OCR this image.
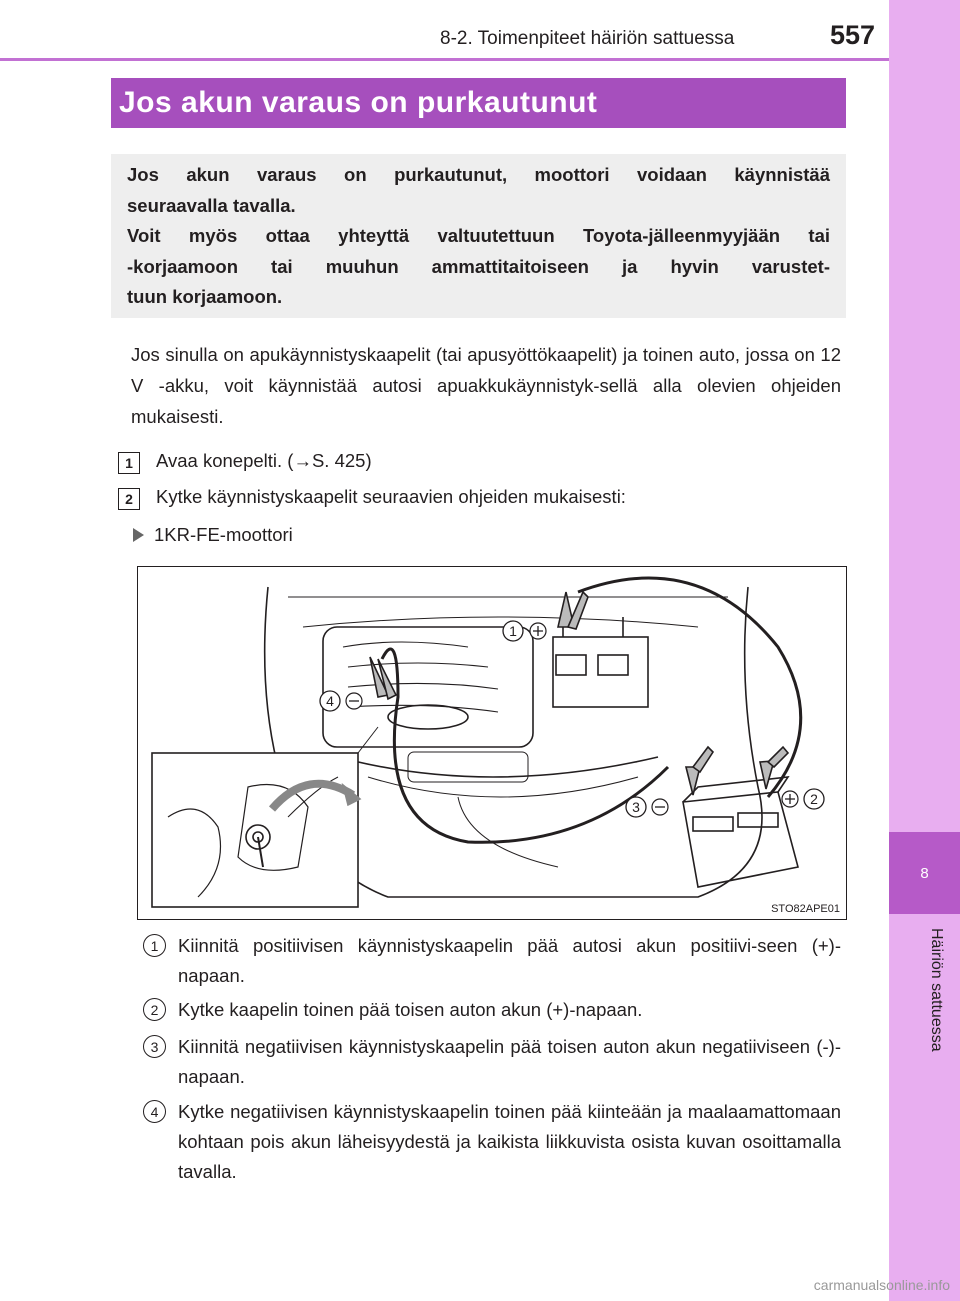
8
Häiriön sattuessa
8-2. Toimenpiteet häiriön sattuessa	557
Jos akun varaus on purkautunut

Jos akun varaus on purkautunut, moottori voidaan käynnistää

seuraavalla tavalla.

Voit myös ottaa yhteyttä valtuutettuun Toyota-jälleenmyyjään tai

-korjaamoon tai muuhun ammattitaitoiseen ja hyvin varustet-

tuun korjaamoon.

Jos sinulla on apukäynnistyskaapelit (tai apusyöttökaapelit) ja toinen auto, jossa on 12 V -akku, voit käynnistää autosi apuakkukäynnistyk-sellä alla olevien ohjeiden mukaisesti.

1	Avaa konepelti. (→S. 425)
2	Kytke käynnistyskaapelit seuraavien ohjeiden mukaisesti:
1KR-FE-moottori
1
4
3	2
STO82APE01
1	Kiinnitä positiivisen käynnistyskaapelin pää autosi akun positiivi-seen (+)-napaan.

2	Kytke kaapelin toinen pää toisen auton akun (+)-napaan.

3	Kiinnitä negatiivisen käynnistyskaapelin pää toisen auton akun negatiiviseen (-)-napaan.

4	Kytke negatiivisen käynnistyskaapelin toinen pää kiinteään ja maalaamattomaan kohtaan pois akun läheisyydestä ja kaikista liikkuvista osista kuvan osoittamalla tavalla.

carmanualsonline.info
